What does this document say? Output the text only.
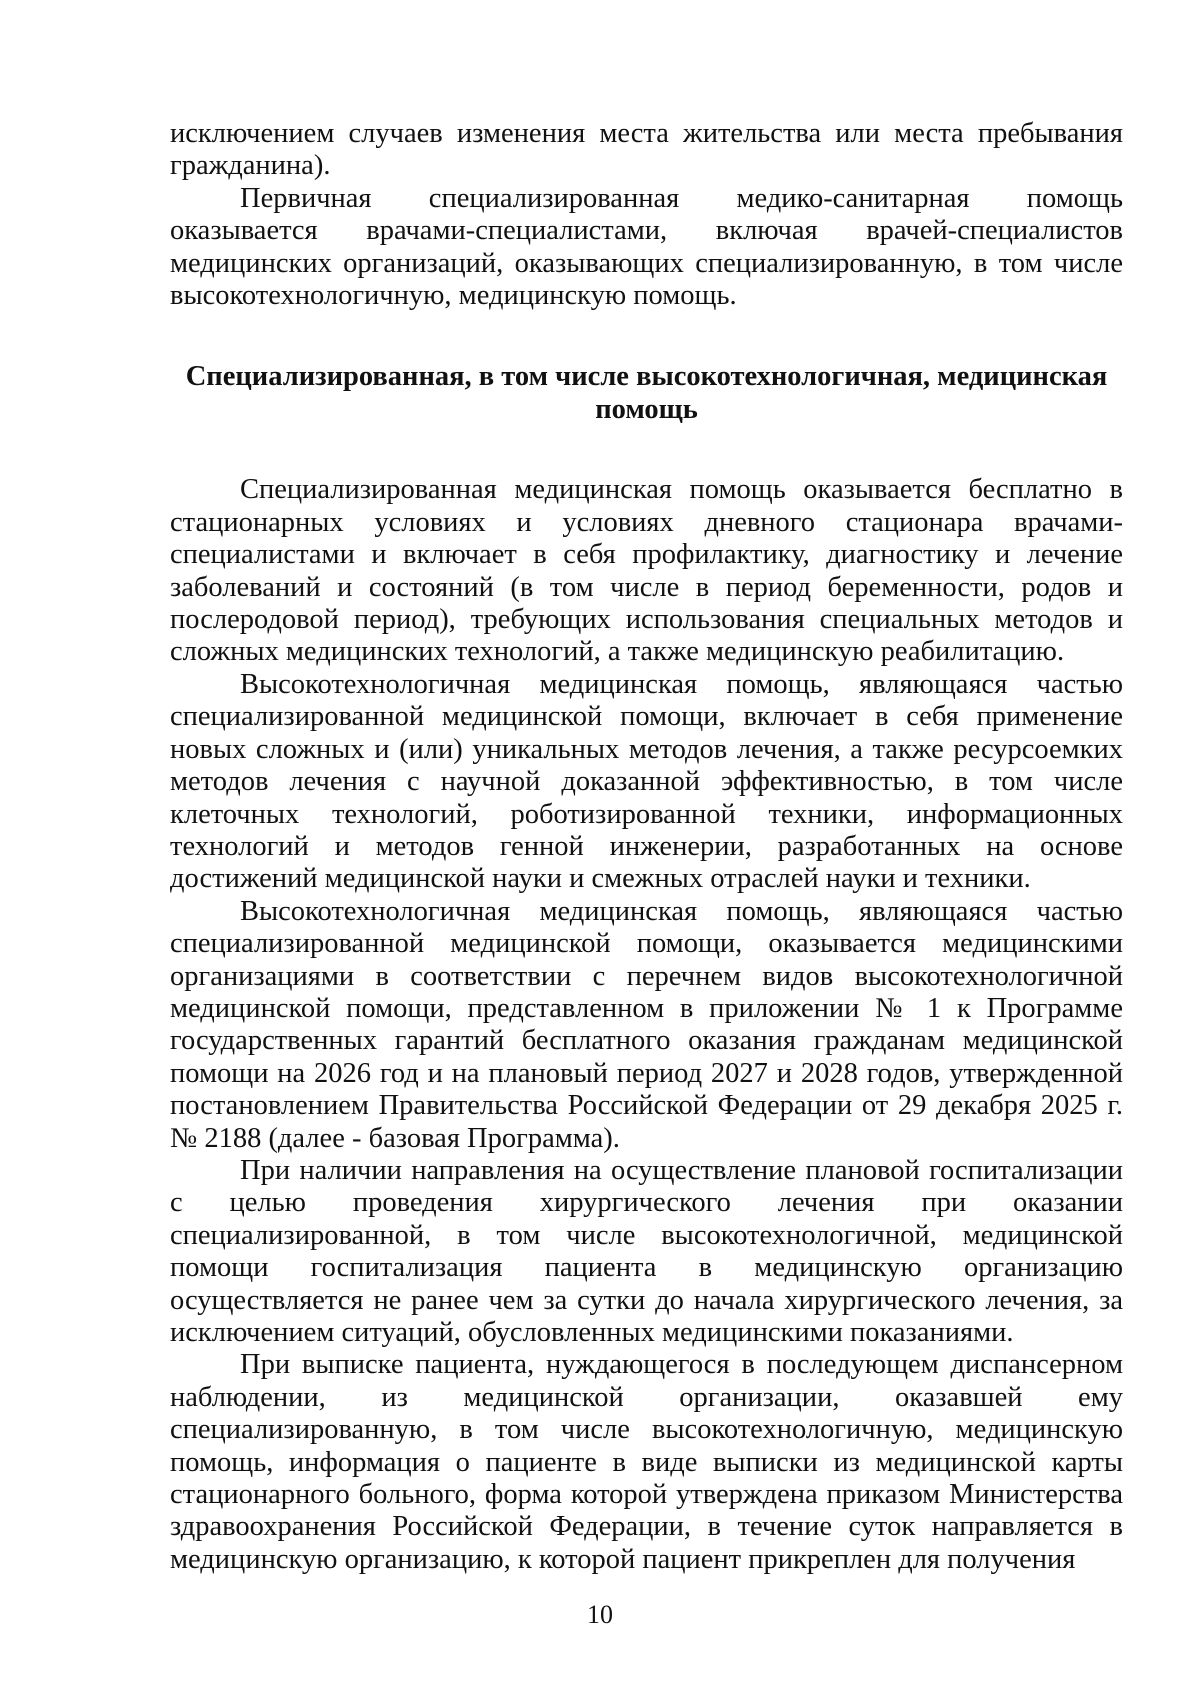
исключением случаев изменения места жительства или места пребывания гражданина).

Первичная специализированная медико-санитарная помощь оказывается врачами-специалистами, включая врачей-специалистов медицинских организаций, оказывающих специализированную, в том числе высокотехнологичную, медицинскую помощь.

Специализированная, в том числе высокотехнологичная, медицинская помощь

Специализированная медицинская помощь оказывается бесплатно в стационарных условиях и условиях дневного стационара врачами-специалистами и включает в себя профилактику, диагностику и лечение заболеваний и состояний (в том числе в период беременности, родов и послеродовой период), требующих использования специальных методов и сложных медицинских технологий, а также медицинскую реабилитацию.

Высокотехнологичная медицинская помощь, являющаяся частью специализированной медицинской помощи, включает в себя применение новых сложных и (или) уникальных методов лечения, а также ресурсоемких методов лечения с научной доказанной эффективностью, в том числе клеточных технологий, роботизированной техники, информационных технологий и методов генной инженерии, разработанных на основе достижений медицинской науки и смежных отраслей науки и техники.

Высокотехнологичная медицинская помощь, являющаяся частью специализированной медицинской помощи, оказывается медицинскими организациями в соответствии с перечнем видов высокотехнологичной медицинской помощи, представленном в приложении № 1 к Программе государственных гарантий бесплатного оказания гражданам медицинской помощи на 2026 год и на плановый период 2027 и 2028 годов, утвержденной постановлением Правительства Российской Федерации от 29 декабря 2025 г. № 2188 (далее - базовая Программа).

При наличии направления на осуществление плановой госпитализации с целью проведения хирургического лечения при оказании специализированной, в том числе высокотехнологичной, медицинской помощи госпитализация пациента в медицинскую организацию осуществляется не ранее чем за сутки до начала хирургического лечения, за исключением ситуаций, обусловленных медицинскими показаниями.

При выписке пациента, нуждающегося в последующем диспансерном наблюдении, из медицинской организации, оказавшей ему специализированную, в том числе высокотехнологичную, медицинскую помощь, информация о пациенте в виде выписки из медицинской карты стационарного больного, форма которой утверждена приказом Министерства здравоохранения Российской Федерации, в течение суток направляется в медицинскую организацию, к которой пациент прикреплен для получения

10
